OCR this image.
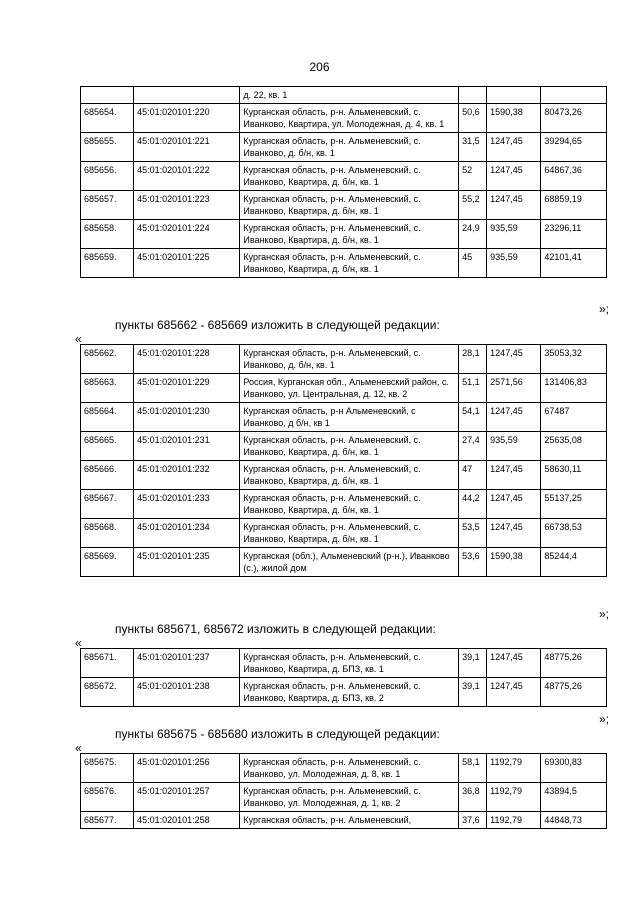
206
		д. 22, кв. 1			
685654.	45:01:020101:220	Курганская область, р-н. Альменевский, с. Иванково, Квартира, ул. Молодежная, д. 4, кв. 1	50,6	1590,38	80473,26
685655.	45:01:020101:221	Курганская область, р-н. Альменевский, с. Иванково, д. б/н, кв. 1	31,5	1247,45	39294,65
685656.	45:01:020101:222	Курганская область, р-н. Альменевский, с. Иванково, Квартира, д. б/н, кв. 1	52	1247,45	64867,36
685657.	45:01:020101:223	Курганская область, р-н. Альменевский, с. Иванково, Квартира, д. б/н, кв. 1	55,2	1247,45	68859,19
685658.	45:01:020101:224	Курганская область, р-н. Альменевский, с. Иванково, Квартира, д. б/н, кв. 1	24,9	935,59	23296,11
685659.	45:01:020101:225	Курганская область, р-н. Альменевский, с. Иванково, Квартира, д. б/н, кв. 1	45	935,59	42101,41
»;
пункты 685662 - 685669 изложить в следующей редакции:
«
685662.	45:01:020101:228	Курганская область, р-н. Альменевский, с. Иванково, д. б/н, кв. 1	28,1	1247,45	35053,32
685663.	45:01:020101:229	Россия, Курганская обл., Альменевский район, с. Иванково, ул. Центральная, д. 12, кв. 2	51,1	2571,56	131406,83
685664.	45:01:020101:230	Курганская область, р-н Альменевский, с Иванково, д б/н, кв 1	54,1	1247,45	67487
685665.	45:01:020101:231	Курганская область, р-н. Альменевский, с. Иванково, Квартира, д. б/н, кв. 1	27,4	935,59	25635,08
685666.	45:01:020101:232	Курганская область, р-н. Альменевский, с. Иванково, Квартира, д. б/н, кв. 1	47	1247,45	58630,11
685667.	45:01:020101:233	Курганская область, р-н. Альменевский, с. Иванково, Квартира, д. б/н, кв. 1	44,2	1247,45	55137,25
685668.	45:01:020101:234	Курганская область, р-н. Альменевский, с. Иванково, Квартира, д. б/н, кв. 1	53,5	1247,45	66738,53
685669.	45:01:020101:235	Курганская (обл.), Альменевский (р-н.), Иванково (с.), жилой дом	53,6	1590,38	85244,4
»;
пункты 685671, 685672 изложить в следующей редакции:
«
685671.	45:01:020101:237	Курганская область, р-н. Альменевский, с. Иванково, Квартира, д. БПЗ, кв. 1	39,1	1247,45	48775,26
685672.	45:01:020101:238	Курганская область, р-н. Альменевский, с. Иванково, Квартира, д. БПЗ, кв. 2	39,1	1247,45	48775,26
»;
пункты 685675 - 685680 изложить в следующей редакции:
«
685675.	45:01:020101:256	Курганская область, р-н. Альменевский, с. Иванково, ул. Молодежная, д. 8, кв. 1	58,1	1192,79	69300,83
685676.	45:01:020101:257	Курганская область, р-н. Альменевский, с. Иванково, ул. Молодежная, д. 1, кв. 2	36,8	1192,79	43894,5
685677.	45:01:020101:258	Курганская область, р-н. Альменевский,	37,6	1192,79	44848,73
